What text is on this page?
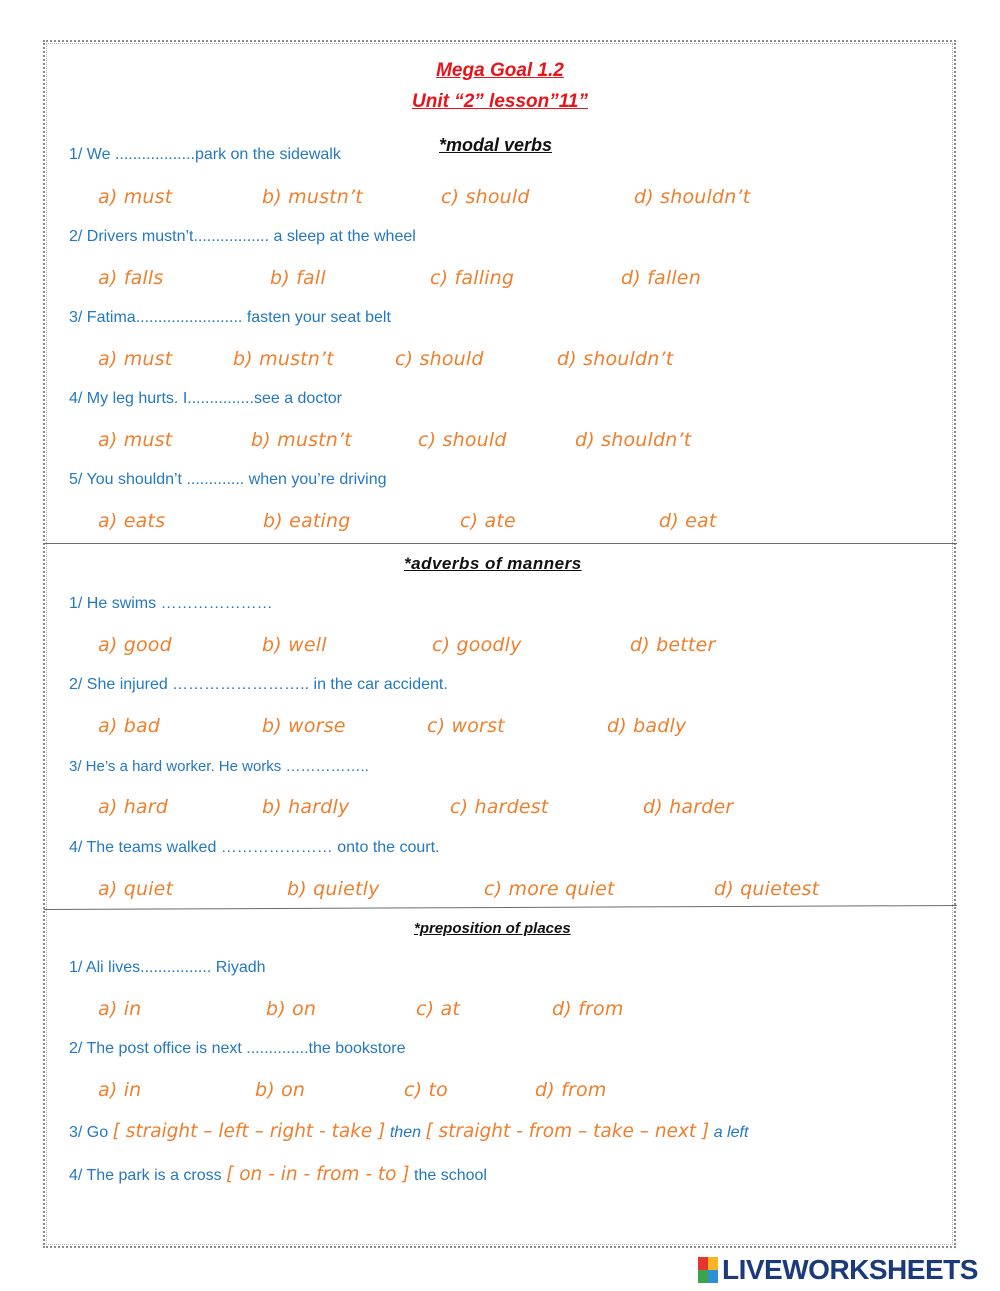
Mega Goal 1.2
Unit “2” lesson”11”
*modal verbs
1/ We ..................park on the sidewalk
a) must	b) mustn’t	c) should	d) shouldn’t
2/ Drivers mustn’t................. a sleep at the wheel
a) falls	b) fall	c) falling	d) fallen
3/ Fatima........................ fasten your seat belt
a) must	b) mustn’t	c) should	d) shouldn’t
4/ My leg hurts. I...............see a doctor
a) must	b) mustn’t	c) should	d) shouldn’t
5/ You shouldn’t ............. when you’re driving
a) eats	b) eating	c) ate	d) eat
*adverbs of manners
1/ He swims …………………
a) good	b) well	c) goodly	d) better
2/ She injured …………………….. in the car accident.
a) bad	b) worse	c) worst	d) badly
3/ He’s a hard worker. He works ……………..
a) hard	b) hardly	c) hardest	d) harder
4/ The teams walked ………………… onto the court.
a) quiet	b) quietly	c) more quiet	d) quietest
*preposition of places
1/ Ali lives................ Riyadh
a) in	b) on	c) at	d) from
2/ The post office is next ..............the bookstore
a) in	b) on	c) to	d) from
3/ Go [ straight – left – right - take ] then [ straight - from – take – next ] a left
4/ The park is a cross [ on - in - from - to ] the school
LIVEWORKSHEETS
